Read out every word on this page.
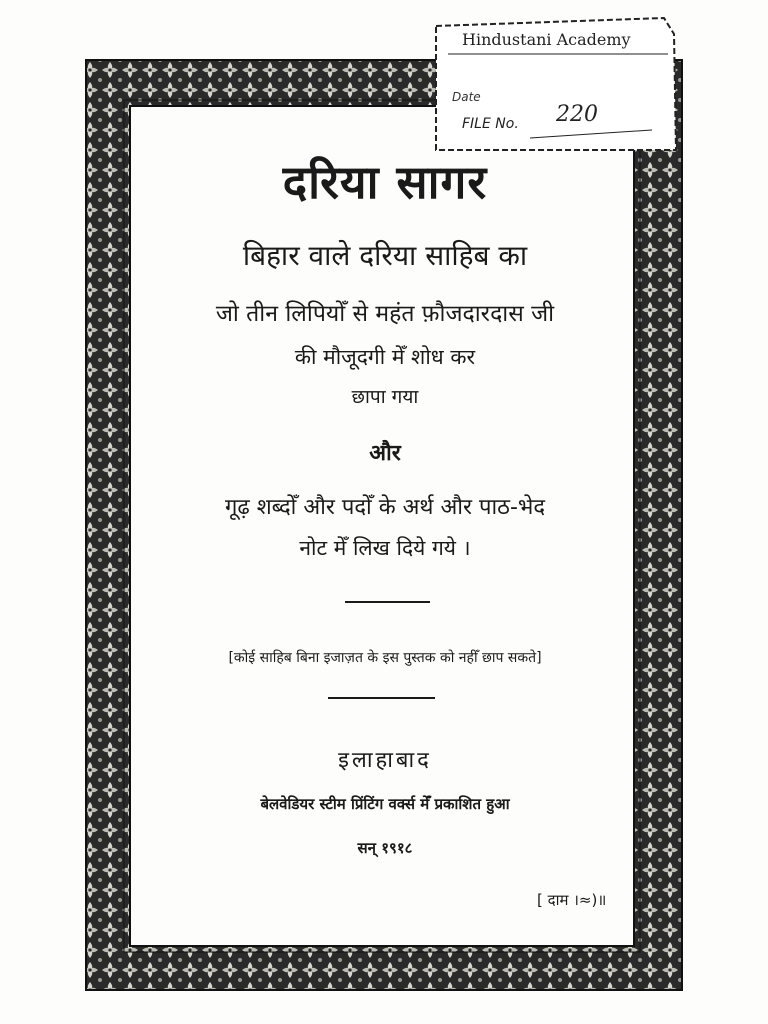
Hindustani Academy
Date
FILE No. 220
दरिया सागर
बिहार वाले दरिया साहिब का
जो तीन लिपियोँ से महंत फ़ौजदारदास जी
की मौजूदगी मेँ शोध कर
छापा गया
और
गूढ़ शब्दोँ और पदोँ के अर्थ और पाठ-भेद
नोट मेँ लिख दिये गये ।
[कोई साहिब बिना इजाज़त के इस पुस्तक को नहीँ छाप सकते]
इलाहाबाद
बेलवेडियर स्टीम प्रिंटिंग वर्क्स मेँ प्रकाशित हुआ
सन् १९१८
[ दाम ।≈)॥
